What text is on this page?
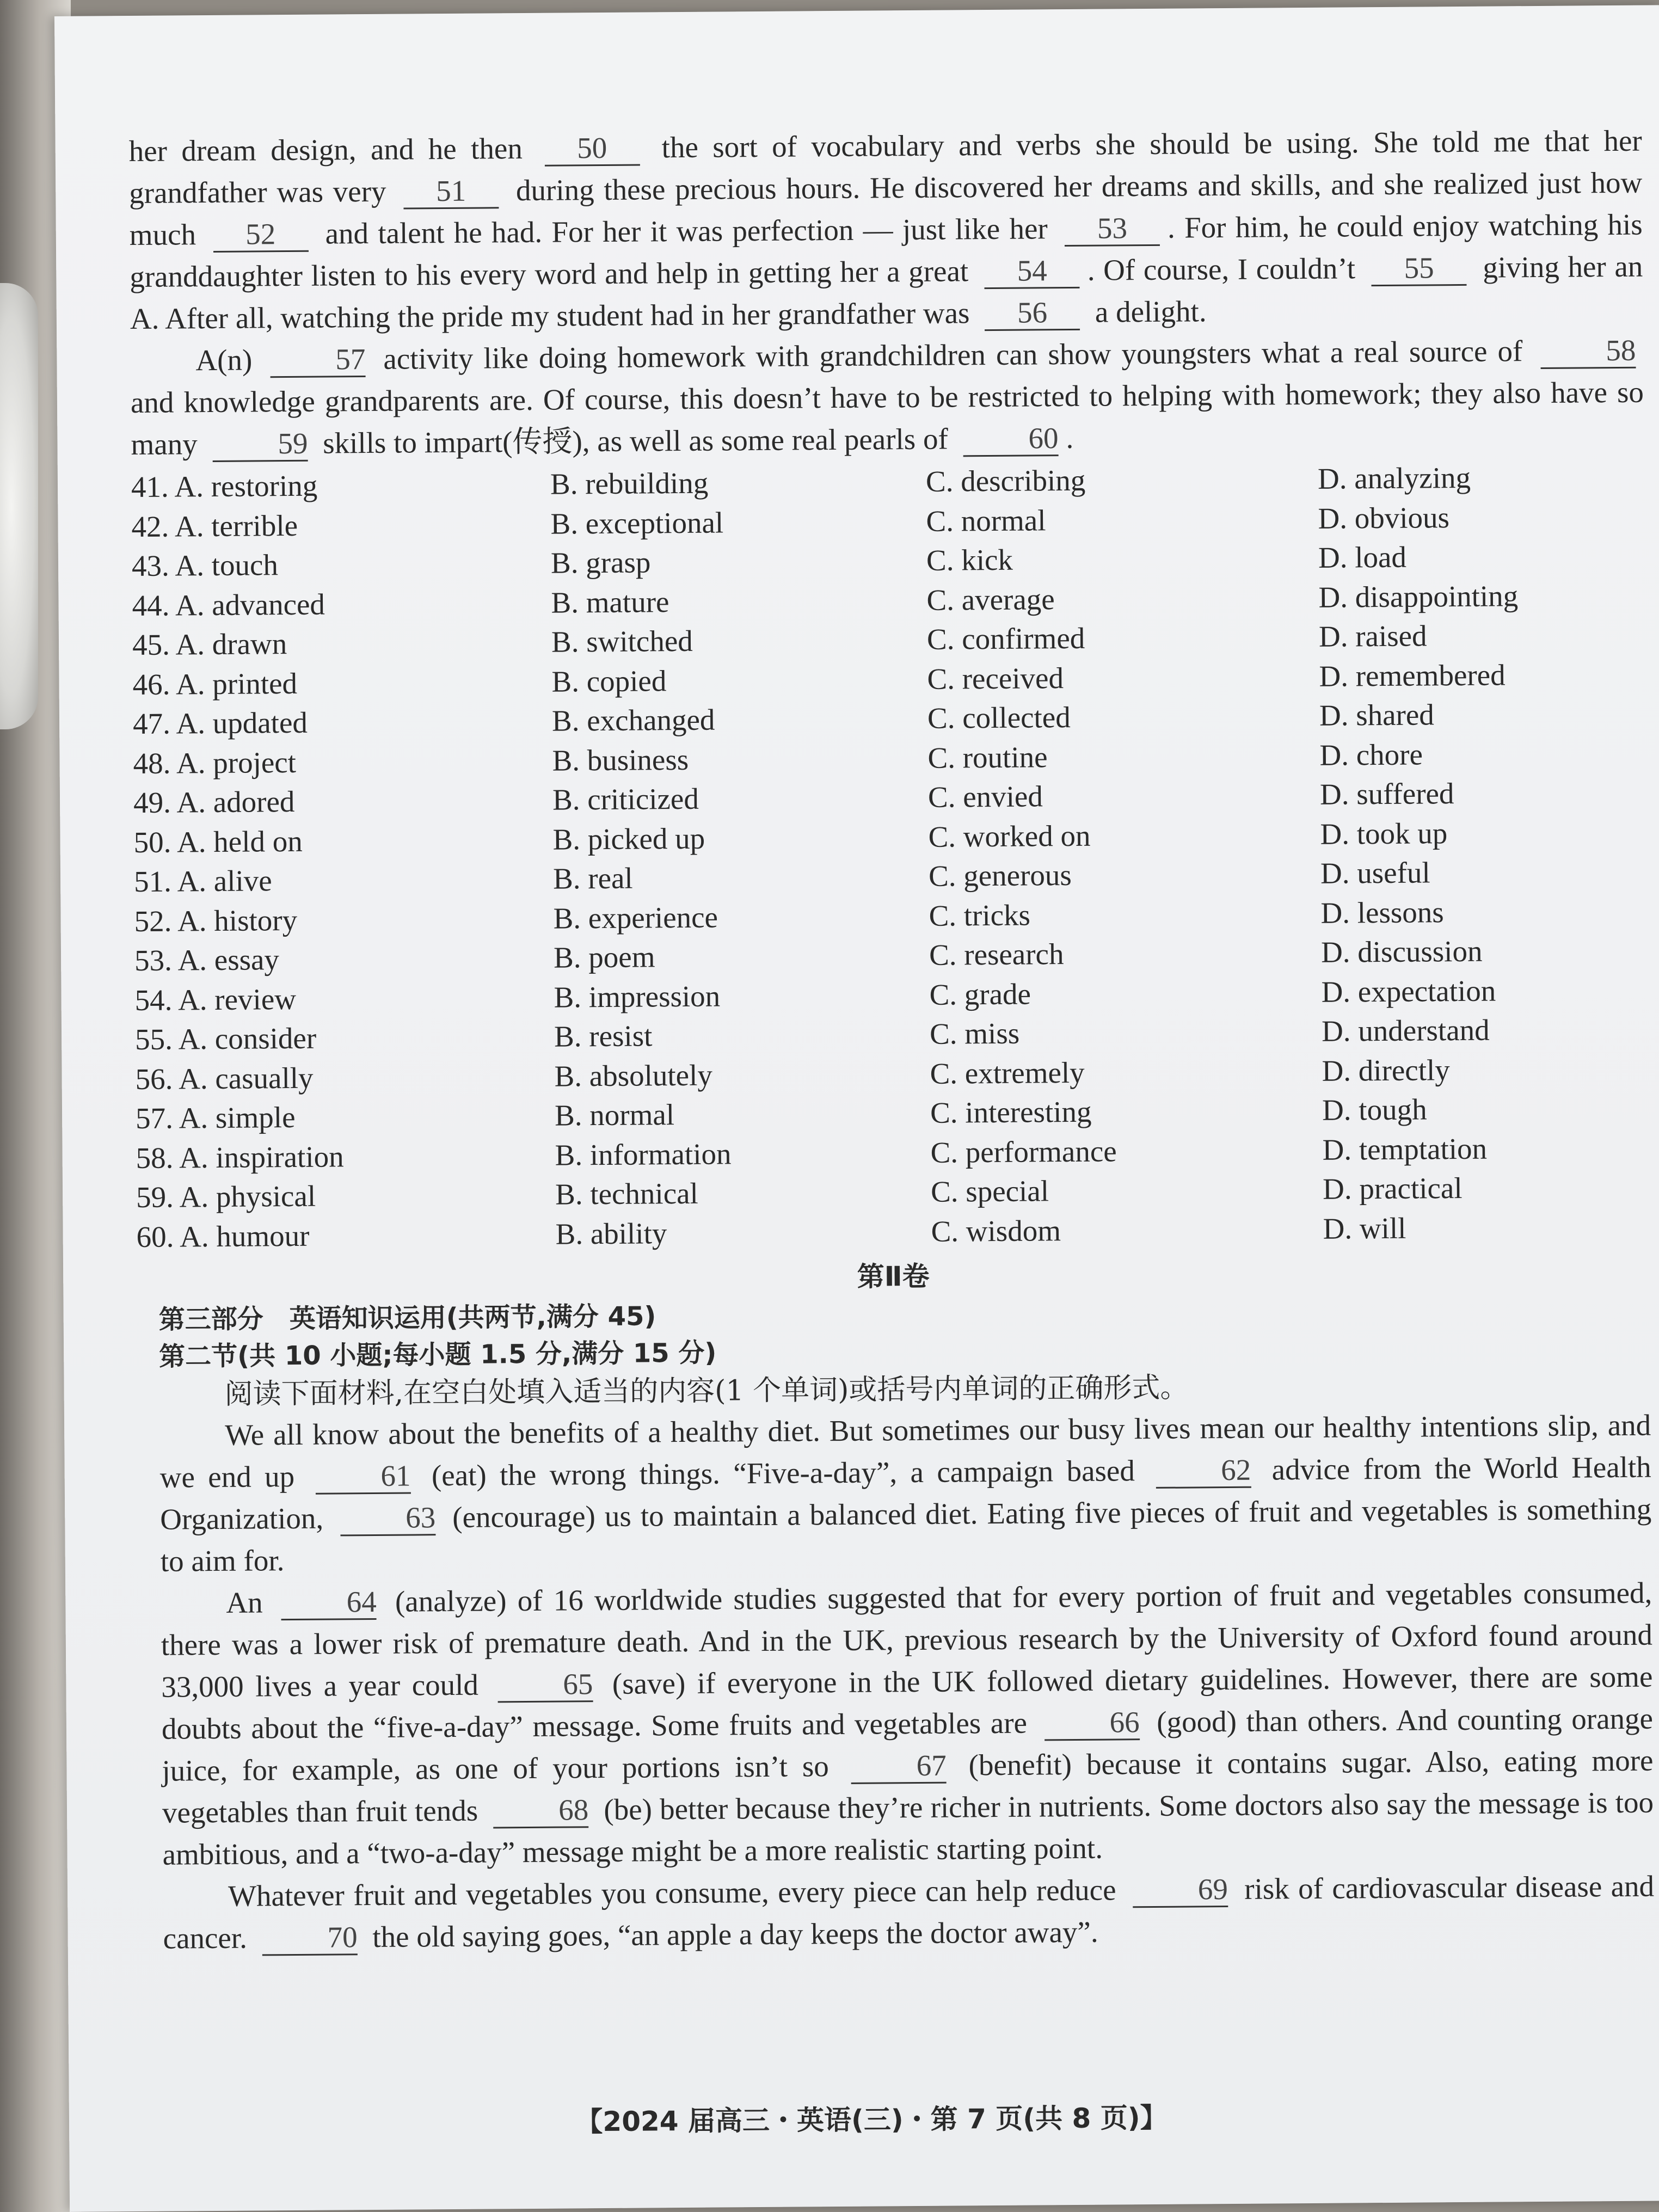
her dream design, and he then 50 the sort of vocabulary and verbs she should be using. She told me that her grandfather was very 51 during these precious hours. He discovered her dreams and skills, and she realized just how much 52 and talent he had. For her it was perfection — just like her 53 . For him, he could enjoy watching his granddaughter listen to his every word and help in getting her a great 54 . Of course, I couldn’t 55 giving her an A. After all, watching the pride my student had in her grandfather was 56 a delight.

A(n) 57 activity like doing homework with grandchildren can show youngsters what a real source of 58 and knowledge grandparents are. Of course, this doesn’t have to be restricted to helping with homework; they also have so many 59 skills to impart(传授), as well as some real pearls of 60 .

41. A. restoring	B. rebuilding	C. describing	D. analyzing
42. A. terrible	B. exceptional	C. normal	D. obvious
43. A. touch	B. grasp	C. kick	D. load
44. A. advanced	B. mature	C. average	D. disappointing
45. A. drawn	B. switched	C. confirmed	D. raised
46. A. printed	B. copied	C. received	D. remembered
47. A. updated	B. exchanged	C. collected	D. shared
48. A. project	B. business	C. routine	D. chore
49. A. adored	B. criticized	C. envied	D. suffered
50. A. held on	B. picked up	C. worked on	D. took up
51. A. alive	B. real	C. generous	D. useful
52. A. history	B. experience	C. tricks	D. lessons
53. A. essay	B. poem	C. research	D. discussion
54. A. review	B. impression	C. grade	D. expectation
55. A. consider	B. resist	C. miss	D. understand
56. A. casually	B. absolutely	C. extremely	D. directly
57. A. simple	B. normal	C. interesting	D. tough
58. A. inspiration	B. information	C. performance	D. temptation
59. A. physical	B. technical	C. special	D. practical
60. A. humour	B. ability	C. wisdom	D. will
第Ⅱ卷
第三部分　英语知识运用(共两节,满分 45)
第二节(共 10 小题;每小题 1.5 分,满分 15 分)
阅读下面材料,在空白处填入适当的内容(1 个单词)或括号内单词的正确形式。

We all know about the benefits of a healthy diet. But sometimes our busy lives mean our healthy intentions slip, and we end up 61 (eat) the wrong things. “Five-a-day”, a campaign based 62 advice from the World Health Organization, 63 (encourage) us to maintain a balanced diet. Eating five pieces of fruit and vegetables is something to aim for.

An 64 (analyze) of 16 worldwide studies suggested that for every portion of fruit and vegetables consumed, there was a lower risk of premature death. And in the UK, previous research by the University of Oxford found around 33,000 lives a year could 65 (save) if everyone in the UK followed dietary guidelines. However, there are some doubts about the “five-a-day” message. Some fruits and vegetables are 66 (good) than others. And counting orange juice, for example, as one of your portions isn’t so 67 (benefit) because it contains sugar. Also, eating more vegetables than fruit tends 68 (be) better because they’re richer in nutrients. Some doctors also say the message is too ambitious, and a “two-a-day” message might be a more realistic starting point.

Whatever fruit and vegetables you consume, every piece can help reduce 69 risk of cardiovascular disease and cancer. 70 the old saying goes, “an apple a day keeps the doctor away”.

【2024 届高三・英语(三)・第 7 页(共 8 页)】
